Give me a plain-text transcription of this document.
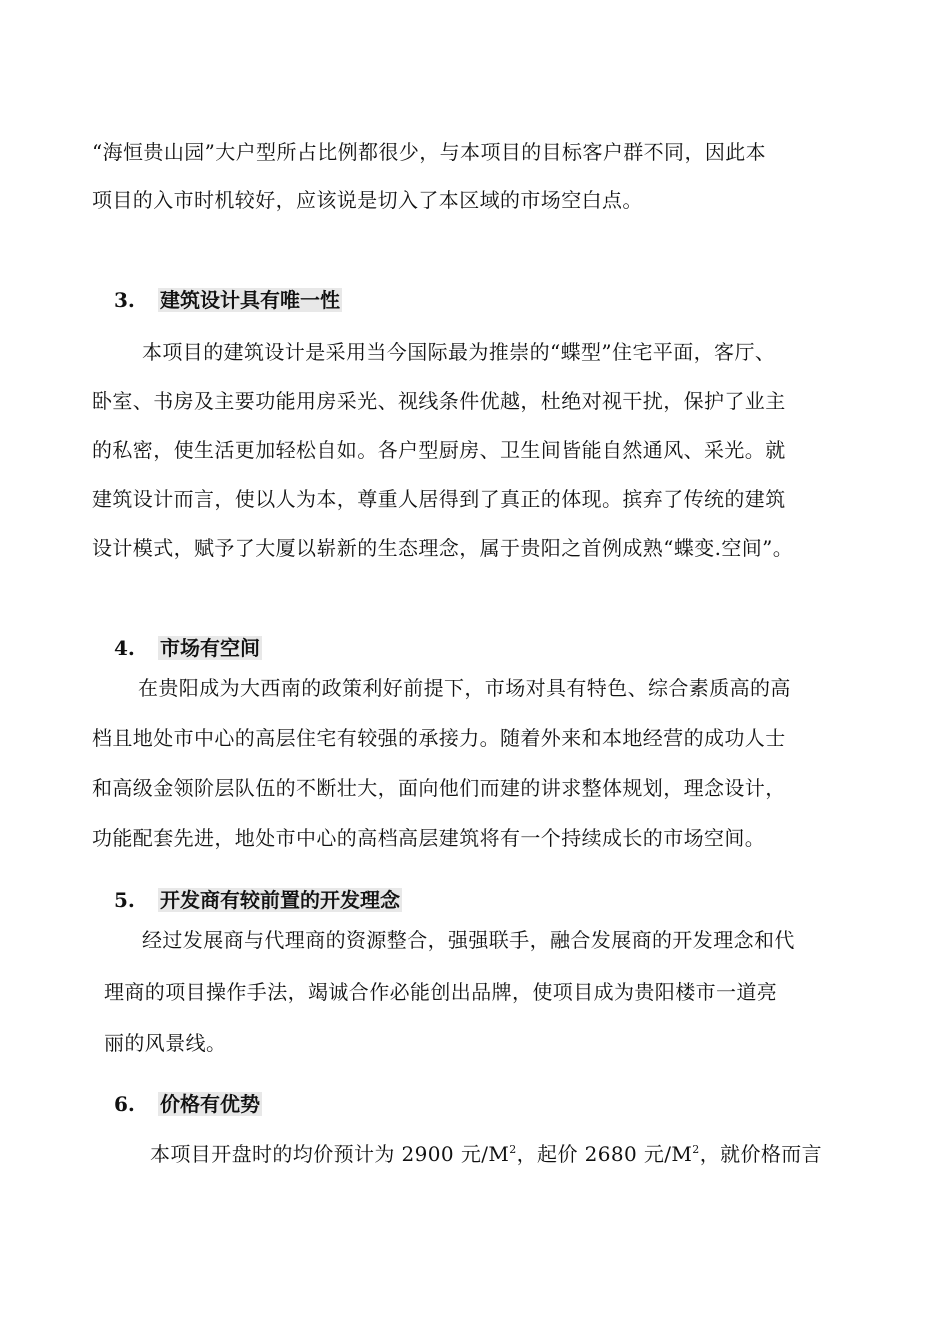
“海恒贵山园”大户型所占比例都很少，与本项目的目标客户群不同，因此本
项目的入市时机较好，应该说是切入了本区域的市场空白点。
3. 建筑设计具有唯一性
本项目的建筑设计是采用当今国际最为推崇的“蝶型”住宅平面，客厅、
卧室、书房及主要功能用房采光、视线条件优越，杜绝对视干扰，保护了业主
的私密，使生活更加轻松自如。各户型厨房、卫生间皆能自然通风、采光。就
建筑设计而言，使以人为本，尊重人居得到了真正的体现。摈弃了传统的建筑
设计模式，赋予了大厦以崭新的生态理念，属于贵阳之首例成熟“蝶变.空间”。
4. 市场有空间
在贵阳成为大西南的政策利好前提下，市场对具有特色、综合素质高的高
档且地处市中心的高层住宅有较强的承接力。随着外来和本地经营的成功人士
和高级金领阶层队伍的不断壮大，面向他们而建的讲求整体规划，理念设计，
功能配套先进，地处市中心的高档高层建筑将有一个持续成长的市场空间。
5. 开发商有较前置的开发理念
经过发展商与代理商的资源整合，强强联手，融合发展商的开发理念和代
理商的项目操作手法，竭诚合作必能创出品牌，使项目成为贵阳楼市一道亮
丽的风景线。
6. 价格有优势
本项目开盘时的均价预计为 2900 元$/M^2$，起价 2680 元$/M^2$，就价格而言
